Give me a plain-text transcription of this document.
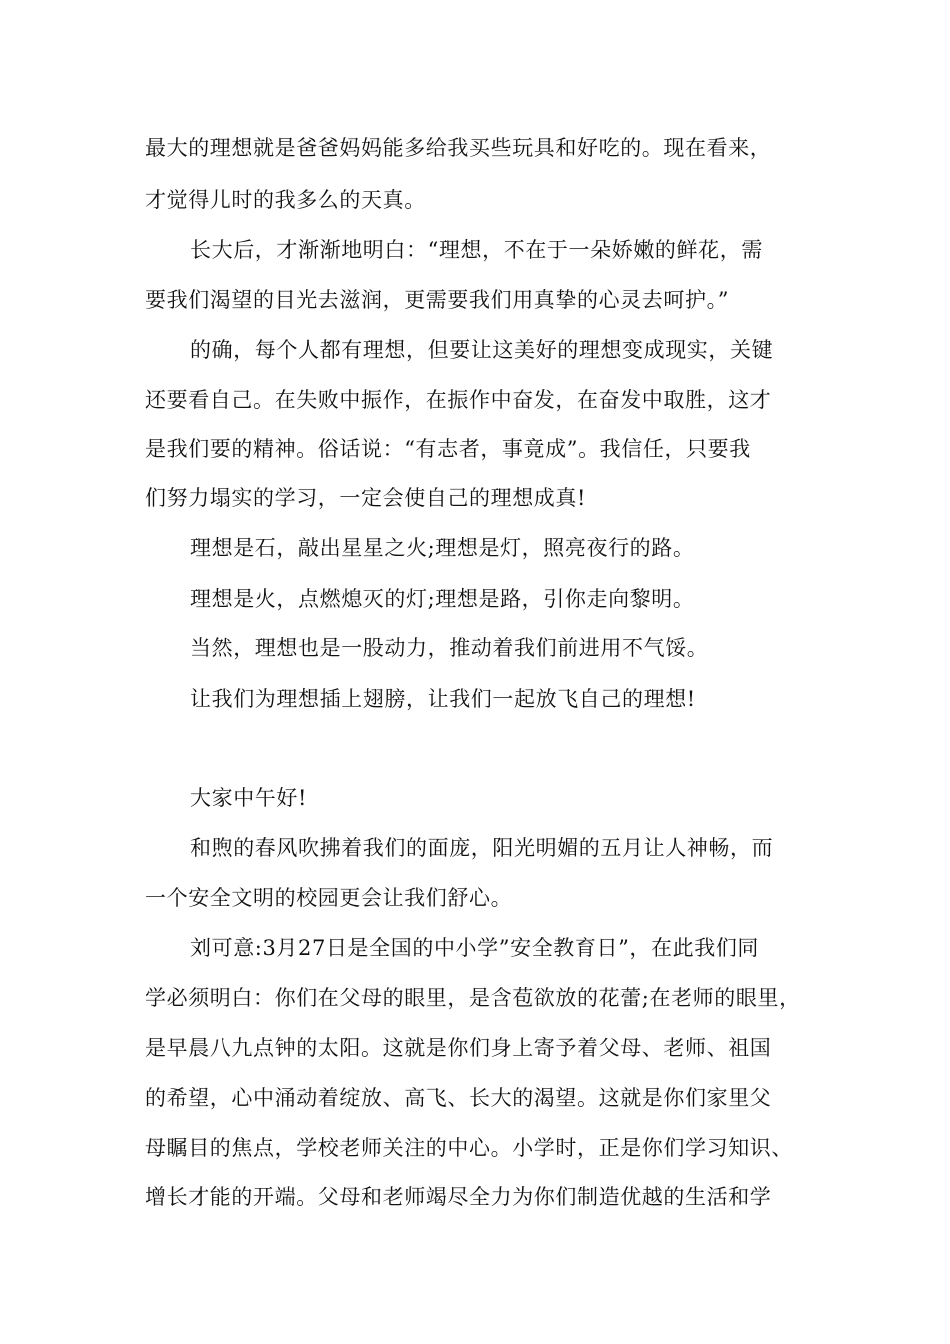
最大的理想就是爸爸妈妈能多给我买些玩具和好吃的。现在看来，
才觉得儿时的我多么的天真。
长大后，才渐渐地明白：“理想，不在于一朵娇嫩的鲜花，需
要我们渴望的目光去滋润，更需要我们用真挚的心灵去呵护。”
的确，每个人都有理想，但要让这美好的理想变成现实，关键
还要看自己。在失败中振作，在振作中奋发，在奋发中取胜，这才
是我们要的精神。俗话说：“有志者，事竟成”。我信任，只要我
们努力塌实的学习，一定会使自己的理想成真!
理想是石，敲出星星之火;理想是灯，照亮夜行的路。
理想是火，点燃熄灭的灯;理想是路，引你走向黎明。
当然，理想也是一股动力，推动着我们前进用不气馁。
让我们为理想插上翅膀，让我们一起放飞自己的理想!
大家中午好!
和煦的春风吹拂着我们的面庞，阳光明媚的五月让人神畅，而
一个安全文明的校园更会让我们舒心。
刘可意:3月27日是全国的中小学”安全教育日”，在此我们同
学必须明白：你们在父母的眼里，是含苞欲放的花蕾;在老师的眼里，
是早晨八九点钟的太阳。这就是你们身上寄予着父母、老师、祖国
的希望，心中涌动着绽放、高飞、长大的渴望。这就是你们家里父
母瞩目的焦点，学校老师关注的中心。小学时，正是你们学习知识、
增长才能的开端。父母和老师竭尽全力为你们制造优越的生活和学
